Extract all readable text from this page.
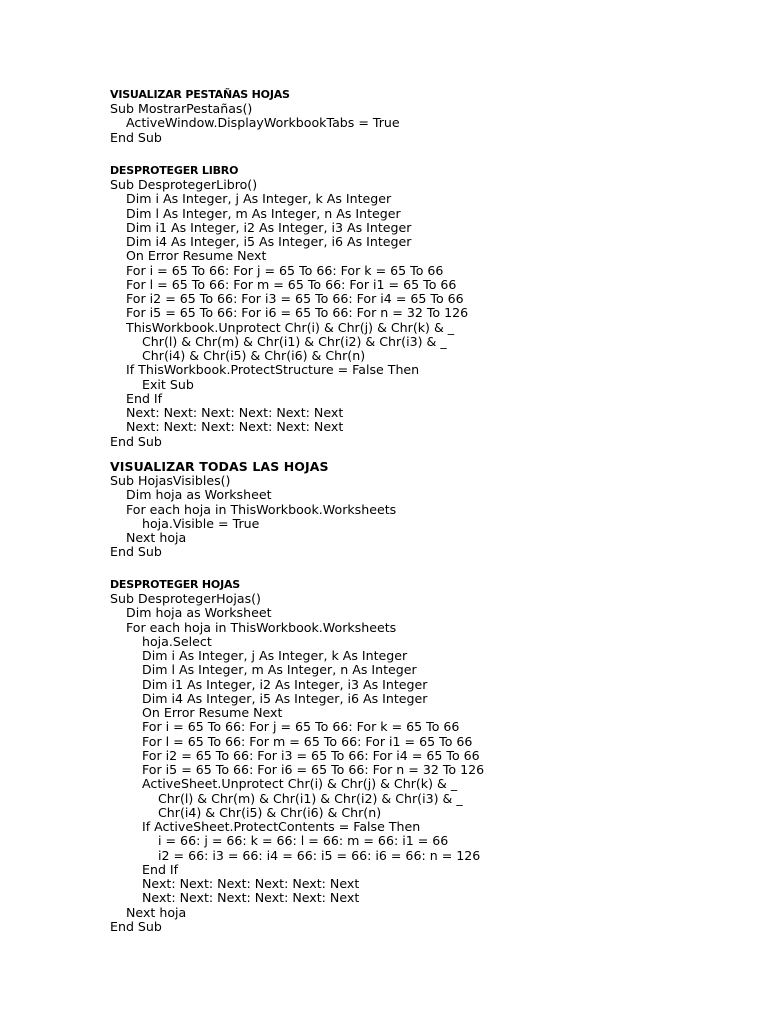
VISUALIZAR PESTAÑAS HOJAS
Sub MostrarPestañas()
ActiveWindow.DisplayWorkbookTabs = True
End Sub
DESPROTEGER LIBRO
Sub DesprotegerLibro()
Dim i As Integer, j As Integer, k As Integer
Dim l As Integer, m As Integer, n As Integer
Dim i1 As Integer, i2 As Integer, i3 As Integer
Dim i4 As Integer, i5 As Integer, i6 As Integer
On Error Resume Next
For i = 65 To 66: For j = 65 To 66: For k = 65 To 66
For l = 65 To 66: For m = 65 To 66: For i1 = 65 To 66
For i2 = 65 To 66: For i3 = 65 To 66: For i4 = 65 To 66
For i5 = 65 To 66: For i6 = 65 To 66: For n = 32 To 126
ThisWorkbook.Unprotect Chr(i) & Chr(j) & Chr(k) & _
Chr(l) & Chr(m) & Chr(i1) & Chr(i2) & Chr(i3) & _
Chr(i4) & Chr(i5) & Chr(i6) & Chr(n)
If ThisWorkbook.ProtectStructure = False Then
Exit Sub
End If
Next: Next: Next: Next: Next: Next
Next: Next: Next: Next: Next: Next
End Sub
VISUALIZAR TODAS LAS HOJAS
Sub HojasVisibles()
Dim hoja as Worksheet
For each hoja in ThisWorkbook.Worksheets
hoja.Visible = True
Next hoja
End Sub
DESPROTEGER HOJAS
Sub DesprotegerHojas()
Dim hoja as Worksheet
For each hoja in ThisWorkbook.Worksheets
hoja.Select
Dim i As Integer, j As Integer, k As Integer
Dim l As Integer, m As Integer, n As Integer
Dim i1 As Integer, i2 As Integer, i3 As Integer
Dim i4 As Integer, i5 As Integer, i6 As Integer
On Error Resume Next
For i = 65 To 66: For j = 65 To 66: For k = 65 To 66
For l = 65 To 66: For m = 65 To 66: For i1 = 65 To 66
For i2 = 65 To 66: For i3 = 65 To 66: For i4 = 65 To 66
For i5 = 65 To 66: For i6 = 65 To 66: For n = 32 To 126
ActiveSheet.Unprotect Chr(i) & Chr(j) & Chr(k) & _
Chr(l) & Chr(m) & Chr(i1) & Chr(i2) & Chr(i3) & _
Chr(i4) & Chr(i5) & Chr(i6) & Chr(n)
If ActiveSheet.ProtectContents = False Then
i = 66: j = 66: k = 66: l = 66: m = 66: i1 = 66
i2 = 66: i3 = 66: i4 = 66: i5 = 66: i6 = 66: n = 126
End If
Next: Next: Next: Next: Next: Next
Next: Next: Next: Next: Next: Next
Next hoja
End Sub
